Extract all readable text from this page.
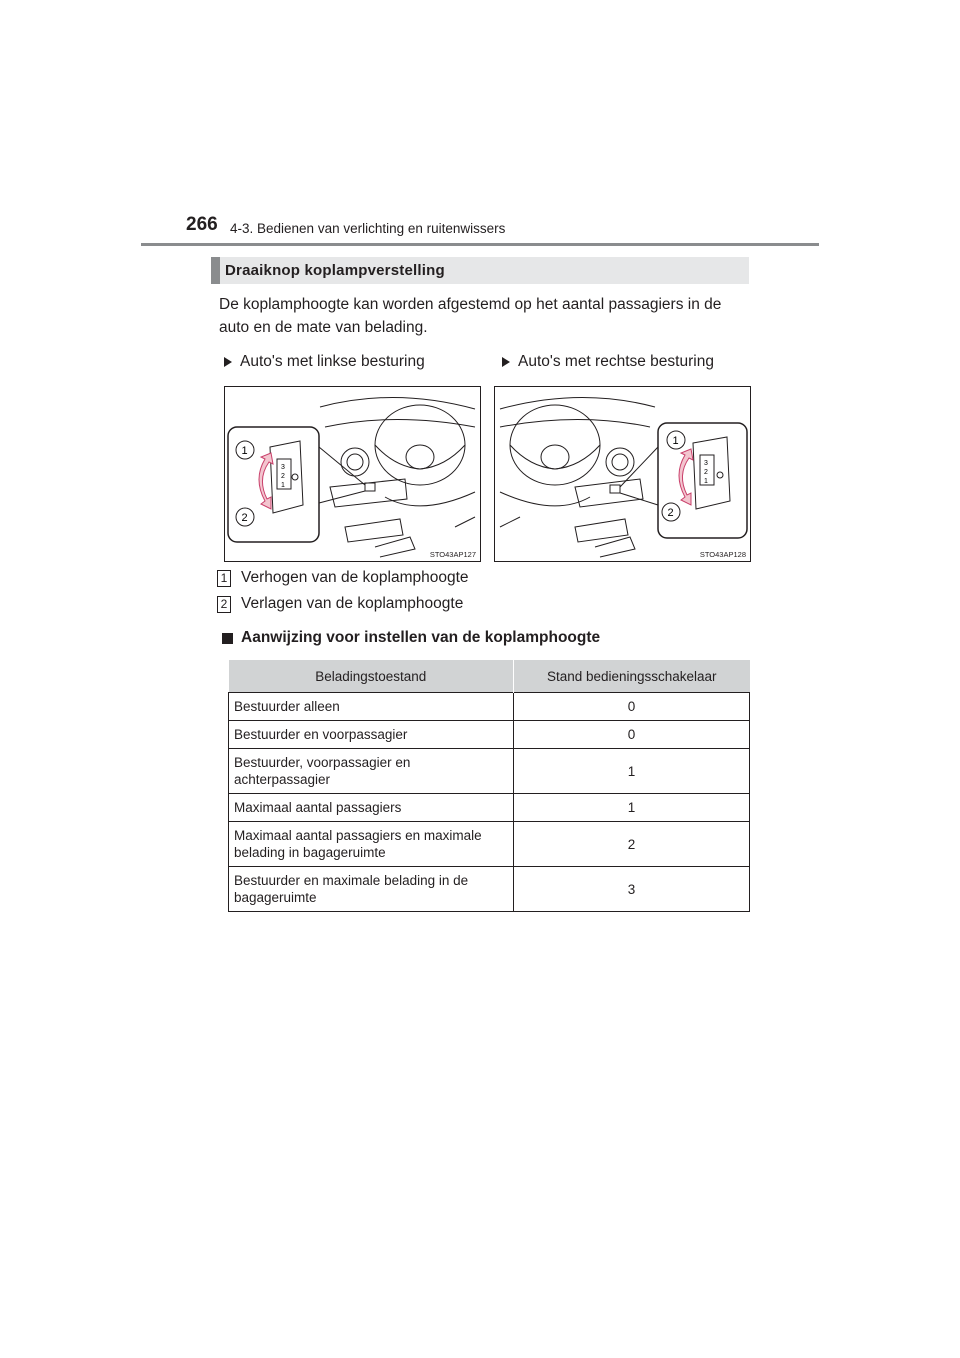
266 4-3. Bedienen van verlichting en ruitenwissers
Draaiknop koplampverstelling
De koplamphoogte kan worden afgestemd op het aantal passagiers in de auto en de mate van belading.
Auto's met linkse besturing	Auto's met rechtse besturing
3
2
1
1
2
STO43AP127
3
2
1
1
2
STO43AP128
1 Verhogen van de koplamphoogte
2 Verlagen van de koplamphoogte
Aanwijzing voor instellen van de koplamphoogte
Beladingstoestand	Stand bedieningsschakelaar
Bestuurder alleen	0
Bestuurder en voorpassagier	0
Bestuurder, voorpassagier en achterpassagier	1
Maximaal aantal passagiers	1
Maximaal aantal passagiers en maximale belading in bagageruimte	2
Bestuurder en maximale belading in de bagageruimte	3
